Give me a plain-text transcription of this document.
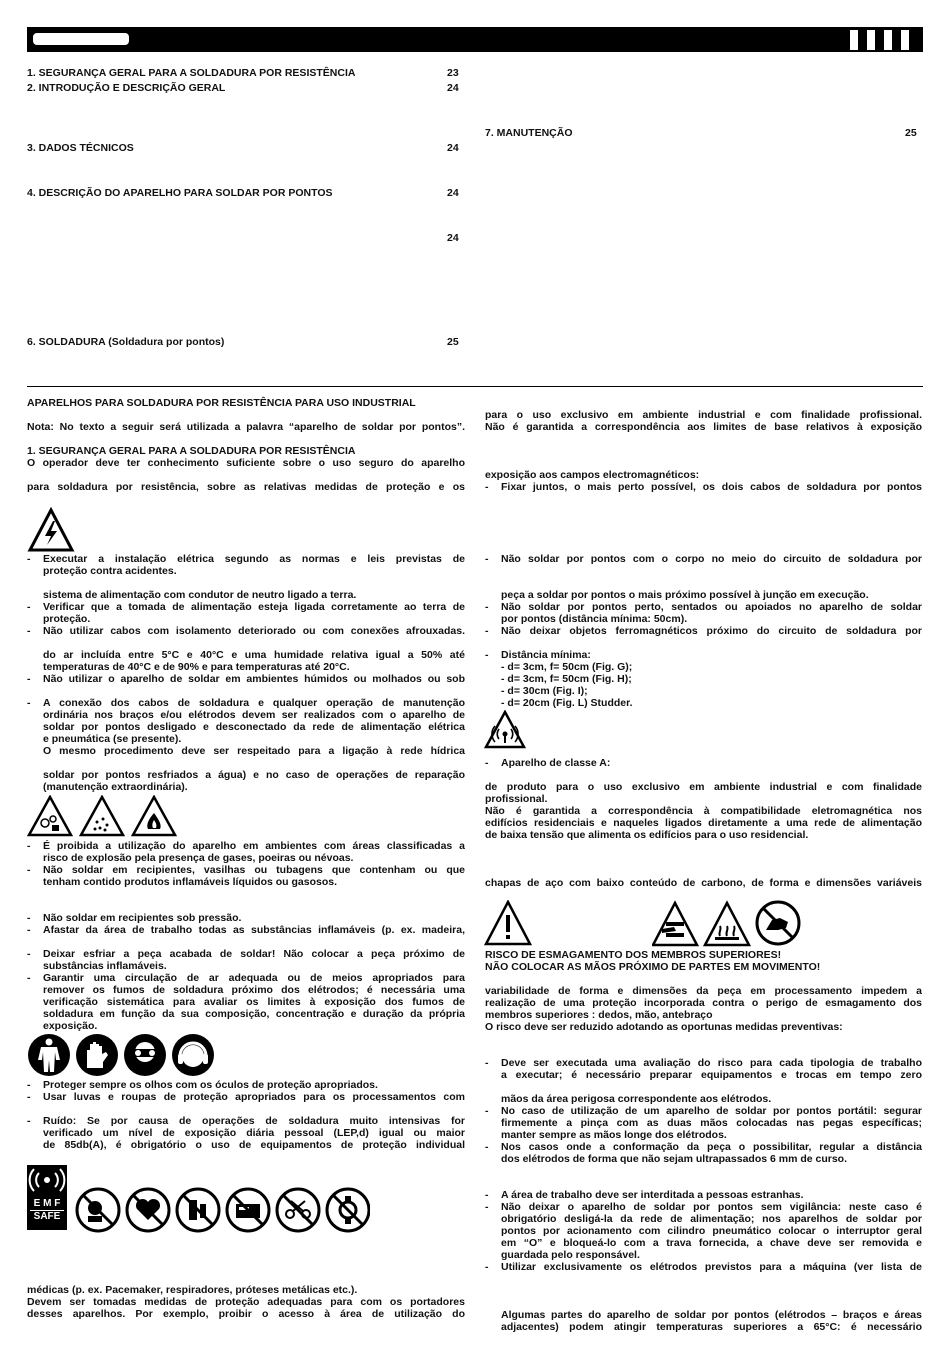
1. SEGURANÇA GERAL PARA A SOLDADURA POR RESISTÊNCIA	23
2. INTRODUÇÃO E DESCRIÇÃO GERAL	24
3. DADOS TÉCNICOS	24
4. DESCRIÇÃO DO APARELHO PARA SOLDAR POR PONTOS	24
24
6. SOLDADURA (Soldadura por pontos)	25
7. MANUTENÇÃO	25
APARELHOS PARA SOLDADURA POR RESISTÊNCIA PARA USO INDUSTRIAL
Nota: No texto a seguir será utilizada a palavra “aparelho de soldar por pontos”.
1. SEGURANÇA GERAL PARA A SOLDADURA POR RESISTÊNCIA
O operador deve ter conhecimento suficiente sobre o uso seguro do aparelho
para soldadura por resistência, sobre as relativas medidas de proteção e os
- Executar a instalação elétrica segundo as normas e leis previstas de
proteção contra acidentes.
sistema de alimentação com condutor de neutro ligado a terra.
- Verificar que a tomada de alimentação esteja ligada corretamente ao terra de
proteção.
- Não utilizar cabos com isolamento deteriorado ou com conexões afrouxadas.
do ar incluída entre 5°C e 40°C e uma humidade relativa igual a 50% até
temperaturas de 40°C e de 90% e para temperaturas até 20°C.
- Não utilizar o aparelho de soldar em ambientes húmidos ou molhados ou sob
- A conexão dos cabos de soldadura e qualquer operação de manutenção
ordinária nos braços e/ou elétrodos devem ser realizados com o aparelho de
soldar por pontos desligado e desconectado da rede de alimentação elétrica
e pneumática (se presente).
O mesmo procedimento deve ser respeitado para a ligação à rede hídrica
soldar por pontos resfriados a água) e no caso de operações de reparação
(manutenção extraordinária).
- É proibida a utilização do aparelho em ambientes com áreas classificadas a
risco de explosão pela presença de gases, poeiras ou névoas.
- Não soldar em recipientes, vasilhas ou tubagens que contenham ou que
tenham contido produtos inflamáveis líquidos ou gasosos.
- Não soldar em recipientes sob pressão.
- Afastar da área de trabalho todas as substâncias inflamáveis (p. ex. madeira,
- Deixar esfriar a peça acabada de soldar! Não colocar a peça próximo de
substâncias inflamáveis.
- Garantir uma circulação de ar adequada ou de meios apropriados para
remover os fumos de soldadura próximo dos elétrodos; é necessária uma
verificação sistemática para avaliar os limites à exposição dos fumos de
soldadura em função da sua composição, concentração e duração da própria
exposição.
- Proteger sempre os olhos com os óculos de proteção apropriados.
- Usar luvas e roupas de proteção apropriados para os processamentos com
- Ruído: Se por causa de operações de soldadura muito intensivas for
verificado um nível de exposição diária pessoal (LEP,d) igual ou maior
de 85db(A), é obrigatório o uso de equipamentos de proteção individual
E M F
SAFE
médicas (p. ex. Pacemaker, respiradores, próteses metálicas etc.).
Devem ser tomadas medidas de proteção adequadas para com os portadores
desses aparelhos. Por exemplo, proibir o acesso à área de utilização do
para o uso exclusivo em ambiente industrial e com finalidade profissional.
Não é garantida a correspondência aos limites de base relativos à exposição
exposição aos campos electromagnéticos:
- Fixar juntos, o mais perto possível, os dois cabos de soldadura por pontos
- Não soldar por pontos com o corpo no meio do circuito de soldadura por
peça a soldar por pontos o mais próximo possível à junção em execução.
- Não soldar por pontos perto, sentados ou apoiados no aparelho de soldar
por pontos (distância mínima: 50cm).
- Não deixar objetos ferromagnéticos próximo do circuito de soldadura por
- Distância mínima:
- d= 3cm, f= 50cm (Fig. G);
- d= 3cm, f= 50cm (Fig. H);
- d= 30cm (Fig. I);
- d= 20cm (Fig. L) Studder.
- Aparelho de classe A:
de produto para o uso exclusivo em ambiente industrial e com finalidade
profissional.
Não é garantida a correspondência à compatibilidade eletromagnética nos
edifícios residenciais e naqueles ligados diretamente a uma rede de alimentação
de baixa tensão que alimenta os edifícios para o uso residencial.
chapas de aço com baixo conteúdo de carbono, de forma e dimensões variáveis
RISCO DE ESMAGAMENTO DOS MEMBROS SUPERIORES!
NÃO COLOCAR AS MÃOS PRÓXIMO DE PARTES EM MOVIMENTO!
variabilidade de forma e dimensões da peça em processamento impedem a
realização de uma proteção incorporada contra o perigo de esmagamento dos
membros superiores : dedos, mão, antebraço
O risco deve ser reduzido adotando as oportunas medidas preventivas:
- Deve ser executada uma avaliação do risco para cada tipologia de trabalho
a executar; é necessário preparar equipamentos e trocas em tempo zero
mãos da área perigosa correspondente aos elétrodos.
- No caso de utilização de um aparelho de soldar por pontos portátil: segurar
firmemente a pinça com as duas mãos colocadas nas pegas específicas;
manter sempre as mãos longe dos elétrodos.
- Nos casos onde a conformação da peça o possibilitar, regular a distância
dos elétrodos de forma que não sejam ultrapassados 6 mm de curso.
- A área de trabalho deve ser interditada a pessoas estranhas.
- Não deixar o aparelho de soldar por pontos sem vigilância: neste caso é
obrigatório desligá-la da rede de alimentação; nos aparelhos de soldar por
pontos por acionamento com cilindro pneumático colocar o interruptor geral
em “O” e bloqueá-lo com a trava fornecida, a chave deve ser removida e
guardada pelo responsável.
- Utilizar exclusivamente os elétrodos previstos para a máquina (ver lista de
Algumas partes do aparelho de soldar por pontos (elétrodos – braços e áreas
adjacentes) podem atingir temperaturas superiores a 65°C: é necessário
